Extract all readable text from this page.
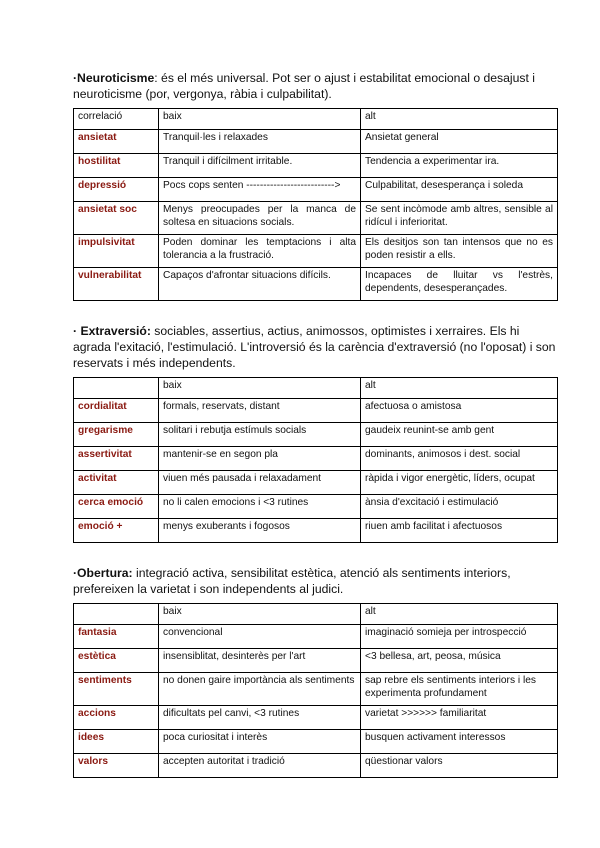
·Neuroticisme: és el més universal. Pot ser o ajust i estabilitat emocional o desajust i neuroticisme (por, vergonya, ràbia i culpabilitat).

correlació	baix	alt
ansietat	Tranquil·les i relaxades	Ansietat general
hostilitat	Tranquil i difícilment irritable.	Tendencia a experimentar ira.
depressió	Pocs cops senten -------------------------->	Culpabilitat, desesperança i soleda
ansietat soc	Menys preocupades per la manca de soltesa en situacions socials.	Se sent incòmode amb altres, sensible al ridícul i inferioritat.
impulsivitat	Poden dominar les temptacions i alta tolerancia a la frustració.	Els desitjos son tan intensos que no es poden resistir a ells.
vulnerabilitat	Capaços d'afrontar situacions difícils.	Incapaces de lluitar vs l'estrès, dependents, desesperançades.

· Extraversió: sociables, assertius, actius, animossos, optimistes i xerraires. Els hi agrada l'exitació, l'estimulació. L'introversió és la carència d'extraversió (no l'oposat) i son reservats i més independents.

	baix	alt
cordialitat	formals, reservats, distant	afectuosa o amistosa
gregarisme	solitari i rebutja estímuls socials	gaudeix reunint-se amb gent
assertivitat	mantenir-se en segon pla	dominants, animosos i dest. social
activitat	viuen més pausada i relaxadament	ràpida i vigor energètic, líders, ocupat
cerca emoció	no li calen emocions i <3 rutines	ànsia d'excitació i estimulació
emoció +	menys exuberants i fogosos	riuen amb facilitat i afectuosos

·Obertura: integració activa, sensibilitat estètica, atenció als sentiments interiors, prefereixen la varietat i son independents al judici.

	baix	alt
fantasia	convencional	imaginació somieja per introspecció
estètica	insensiblitat, desinterès per l'art	<3 bellesa, art, peosa, música
sentiments	no donen gaire importància als sentiments	sap rebre els sentiments interiors i les experimenta profundament
accions	dificultats pel canvi, <3 rutines	varietat >>>>>> familiaritat
idees	poca curiositat i interès	busquen activament interessos
valors	accepten autoritat i tradició	qüestionar valors
